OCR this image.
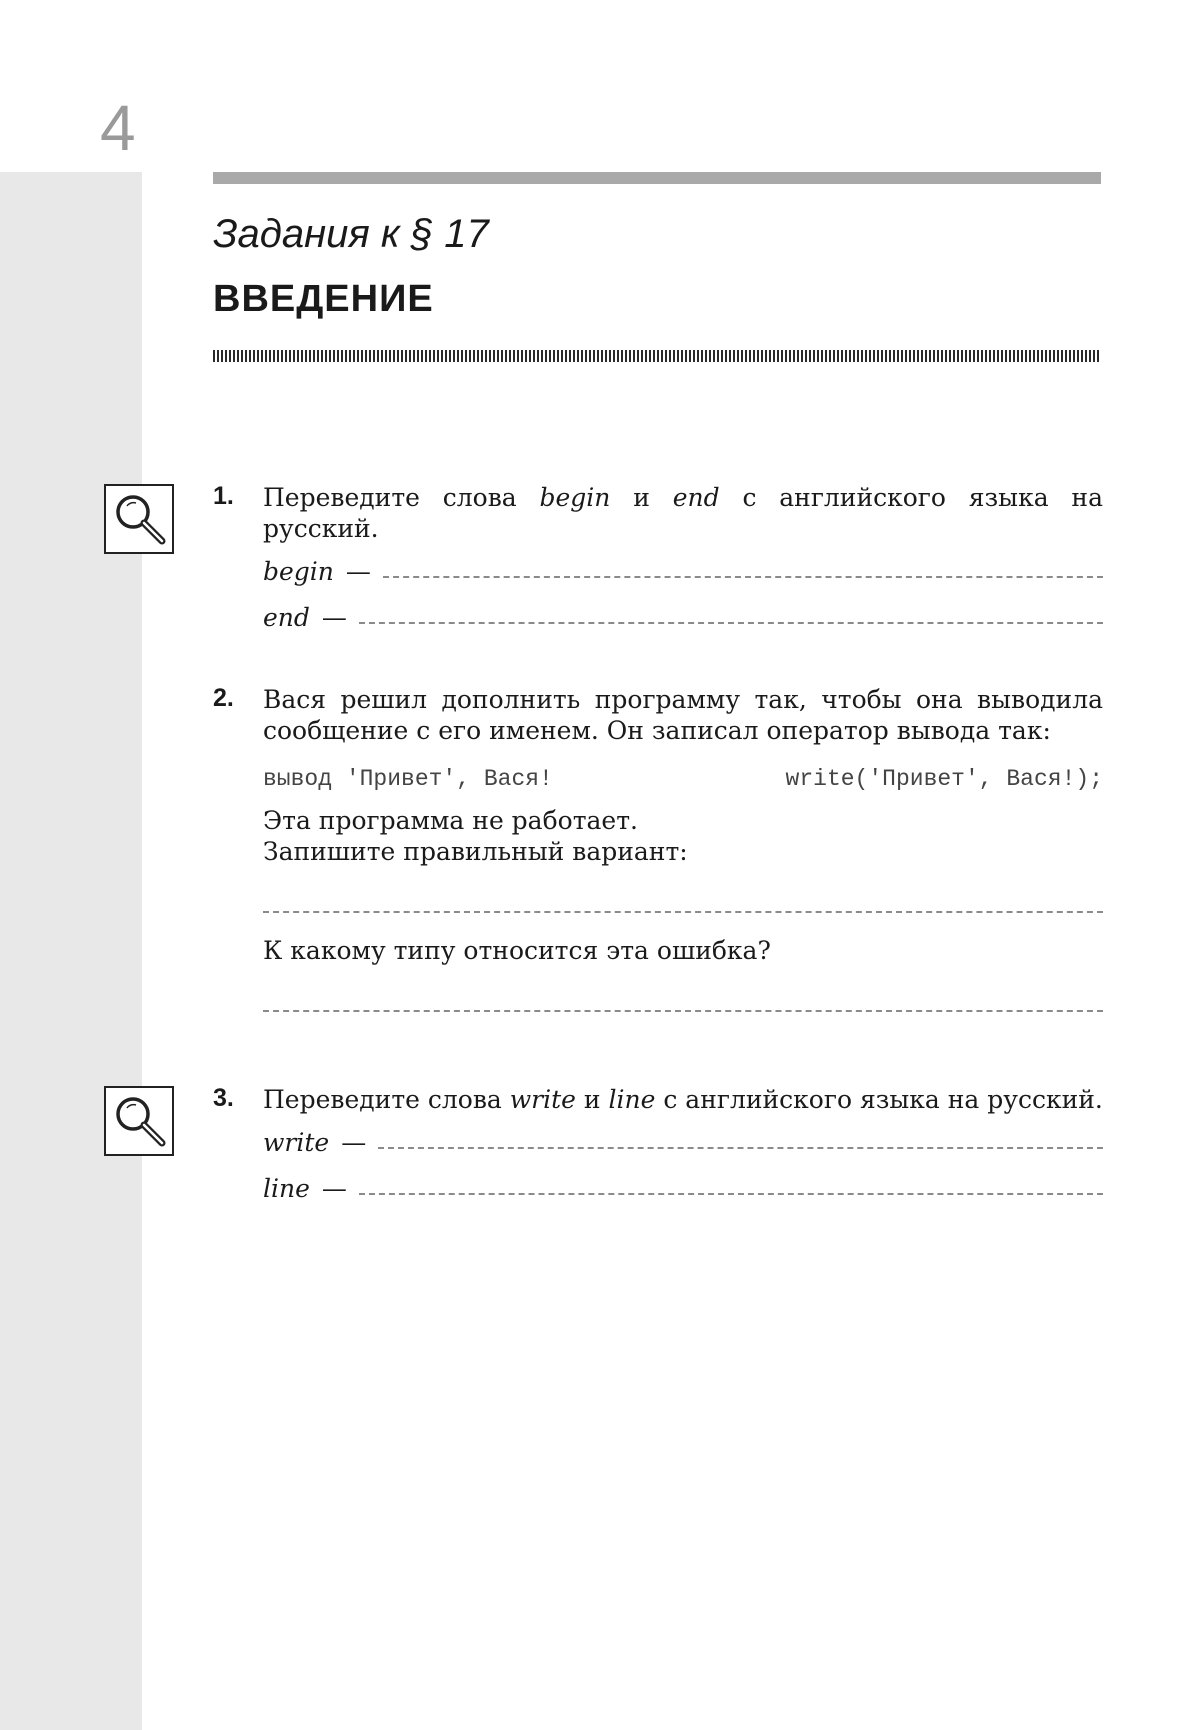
4
Задания к § 17
ВВЕДЕНИЕ
1. Переведите слова begin и end с английского языка на русский.

begin —
end —
2. Вася решил дополнить программу так, чтобы она выводила сообщение с его именем. Он записал оператор вывода так:

вывод 'Привет', Вася!	write('Привет', Вася!);
Эта программа не работает.
Запишите правильный вариант:
К какому типу относится эта ошибка?
3. Переведите слова write и line с английского языка на русский.

write —
line —
